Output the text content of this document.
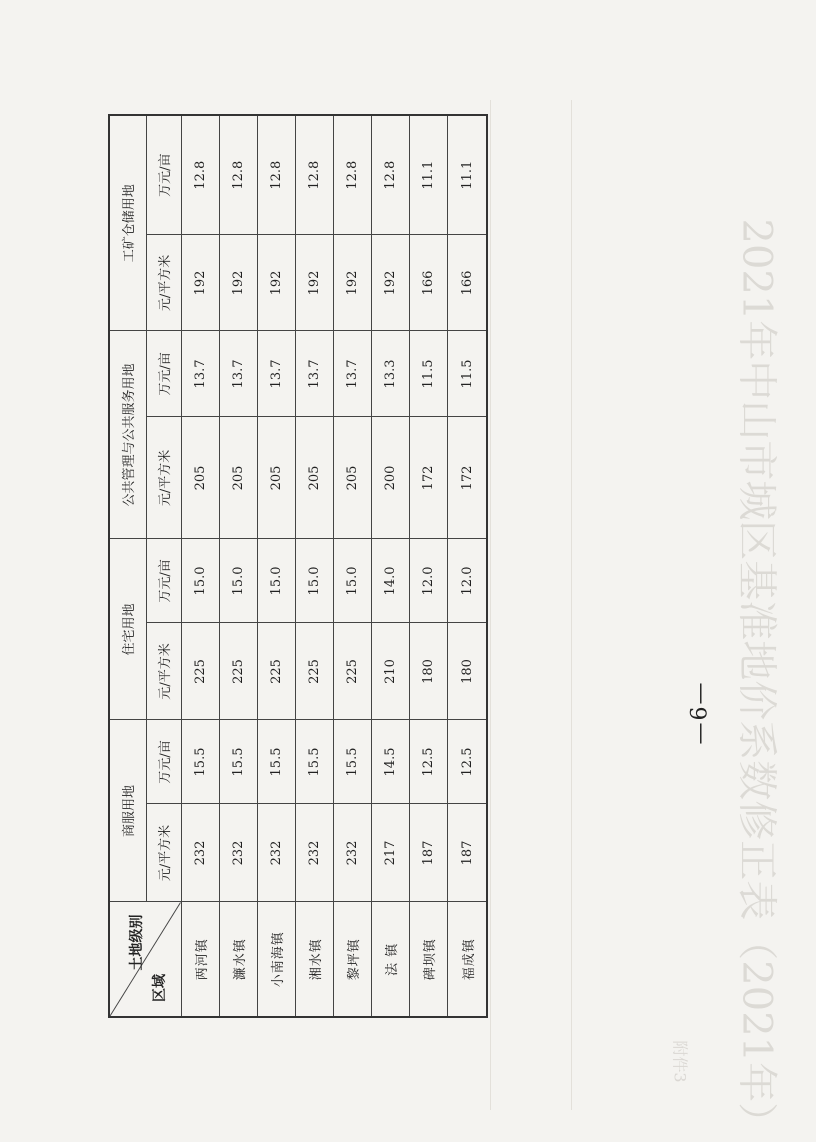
2021年中山市城区基准地价系数修正表（2021年）
附件3
土地级别
区域	商服用地		住宅用地		公共管理与公共服务用地		工矿仓储用地	
	元/平方米	万元/亩	元/平方米	万元/亩	元/平方米	万元/亩	元/平方米	万元/亩
两河镇	232	15.5	225	15.0	205	13.7	192	12.8
濂水镇	232	15.5	225	15.0	205	13.7	192	12.8
小南海镇	232	15.5	225	15.0	205	13.7	192	12.8
湘水镇	232	15.5	225	15.0	205	13.7	192	12.8
黎坪镇	232	15.5	225	15.0	205	13.7	192	12.8
法 镇	217	14.5	210	14.0	200	13.3	192	12.8
碑坝镇	187	12.5	180	12.0	172	11.5	166	11.1
福成镇	187	12.5	180	12.0	172	11.5	166	11.1
—6—
